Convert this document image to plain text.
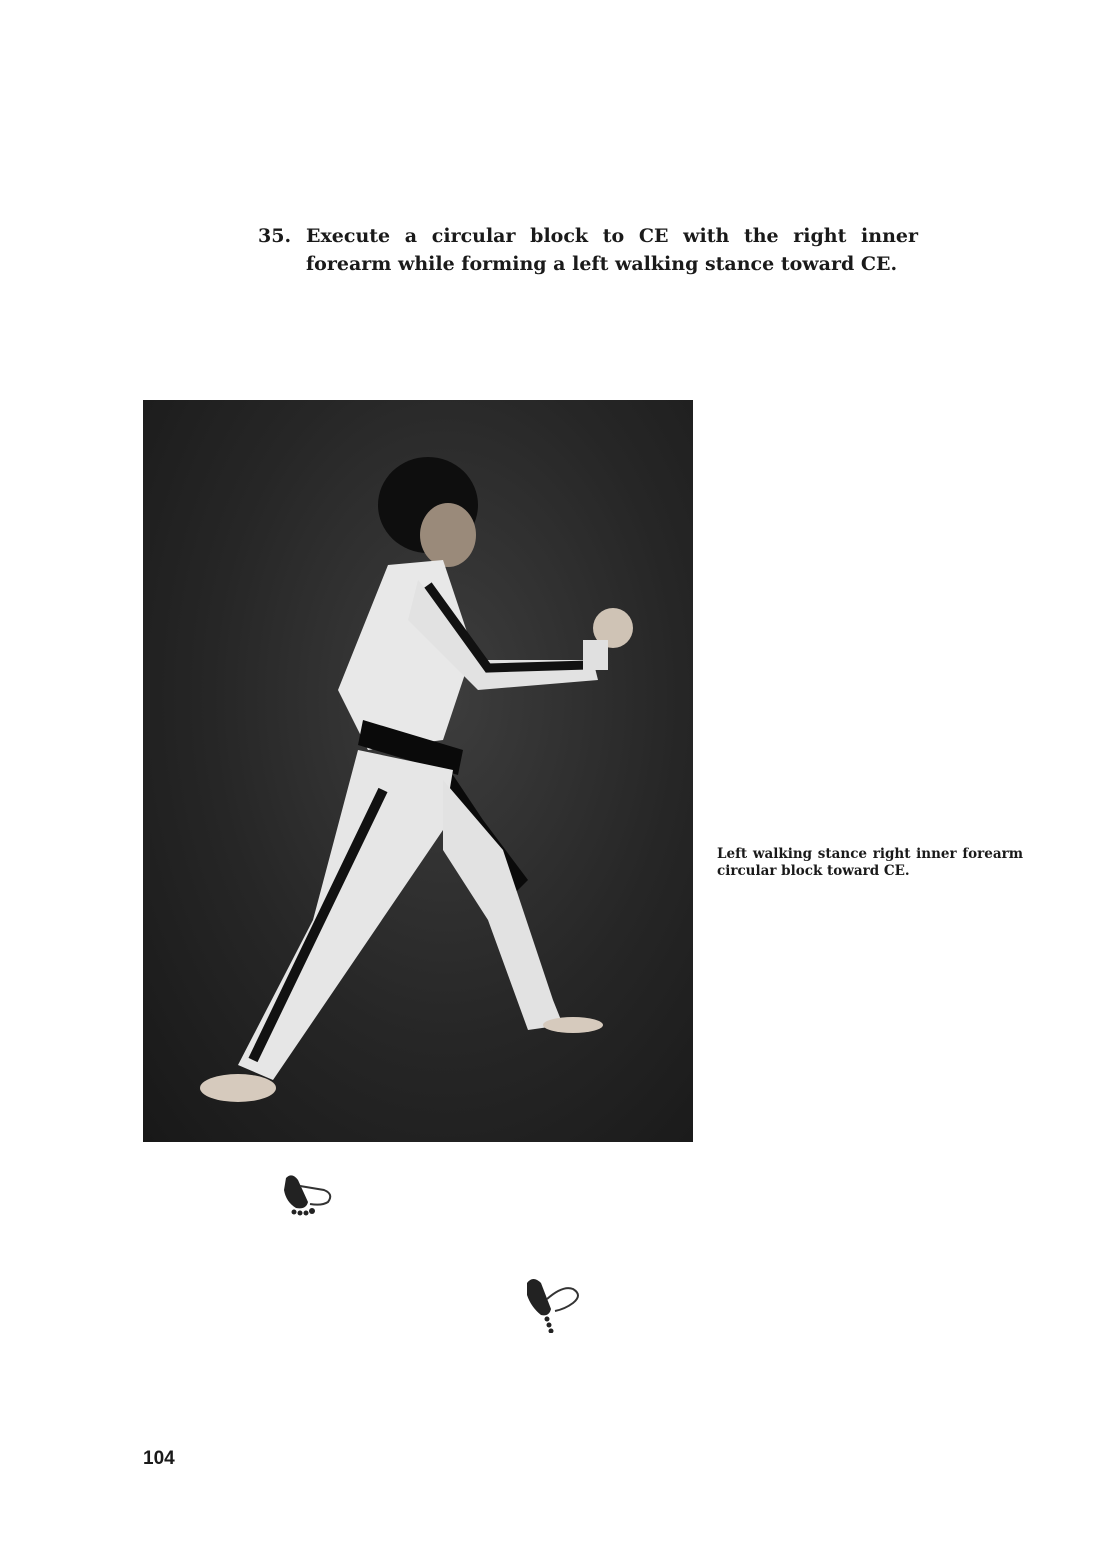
35. Execute a circular block to CE with the right inner forearm while forming a left walking stance toward CE.
Left walking stance right inner forearm circular block toward CE.
104
